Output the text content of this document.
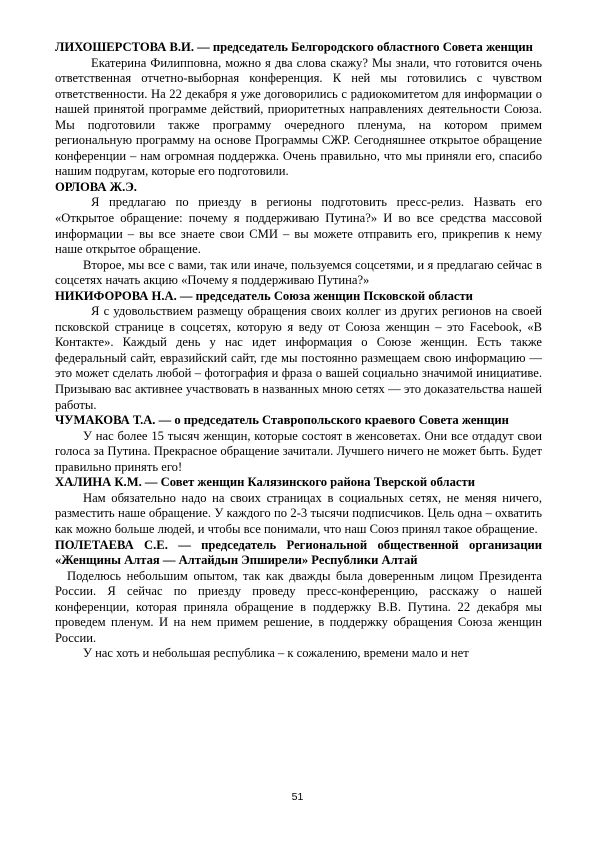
ЛИХОШЕРСТОВА В.И. — председатель Белгородского областного Совета женщин

Екатерина Филипповна, можно я два слова скажу? Мы знали, что готовится очень ответственная отчетно-выборная конференция. К ней мы готовились с чувством ответственности. На 22 декабря я уже договорились с радиокомитетом для информации о нашей принятой программе действий, приоритетных направлениях деятельности Союза. Мы подготовили также программу очередного пленума, на котором примем региональную программу на основе Программы СЖР. Сегодняшнее открытое обращение конференции – нам огромная поддержка. Очень правильно, что мы приняли его, спасибо нашим подругам, которые его подготовили.

ОРЛОВА Ж.Э.

Я предлагаю по приезду в регионы подготовить пресс-релиз. Назвать его «Открытое обращение: почему я поддерживаю Путина?» И во все средства массовой информации – вы все знаете свои СМИ – вы можете отправить его, прикрепив к нему наше открытое обращение.

Второе, мы все с вами, так или иначе, пользуемся соцсетями, и я предлагаю сейчас в соцсетях начать акцию «Почему я поддерживаю Путина?»

НИКИФОРОВА Н.А. — председатель Союза женщин Псковской области

Я с удовольствием размещу обращения своих коллег из других регионов на своей псковской странице в соцсетях, которую я веду от Союза женщин – это Facebook, «В Контакте». Каждый день у нас идет информация о Союзе женщин. Есть также федеральный сайт, евразийский сайт, где мы постоянно размещаем свою информацию — это может сделать любой – фотография и фраза о вашей социально значимой инициативе. Призываю вас активнее участвовать в названных мною сетях — это доказательства нашей работы.

ЧУМАКОВА Т.А. — о председатель Ставропольского краевого Совета женщин

У нас более 15 тысяч женщин, которые состоят в женсоветах. Они все отдадут свои голоса за Путина. Прекрасное обращение зачитали. Лучшего ничего не может быть. Будет правильно принять его!

ХАЛИНА К.М. — Совет женщин Калязинского района Тверской области

Нам обязательно надо на своих страницах в социальных сетях, не меняя ничего, разместить наше обращение. У каждого по 2-3 тысячи подписчиков. Цель одна – охватить как можно больше людей, и чтобы все понимали, что наш Союз принял такое обращение.

ПОЛЕТАЕВА С.Е. — председатель Региональной общественной организации «Женщины Алтая — Алтайдын Эпширели» Республики Алтай

Поделюсь небольшим опытом, так как дважды была доверенным лицом Президента России. Я сейчас по приезду проведу пресс-конференцию, расскажу о нашей конференции, которая приняла обращение в поддержку В.В. Путина. 22 декабря мы проведем пленум. И на нем примем решение, в поддержку обращения Союза женщин России.

У нас хоть и небольшая республика – к сожалению, времени мало и нет

51
